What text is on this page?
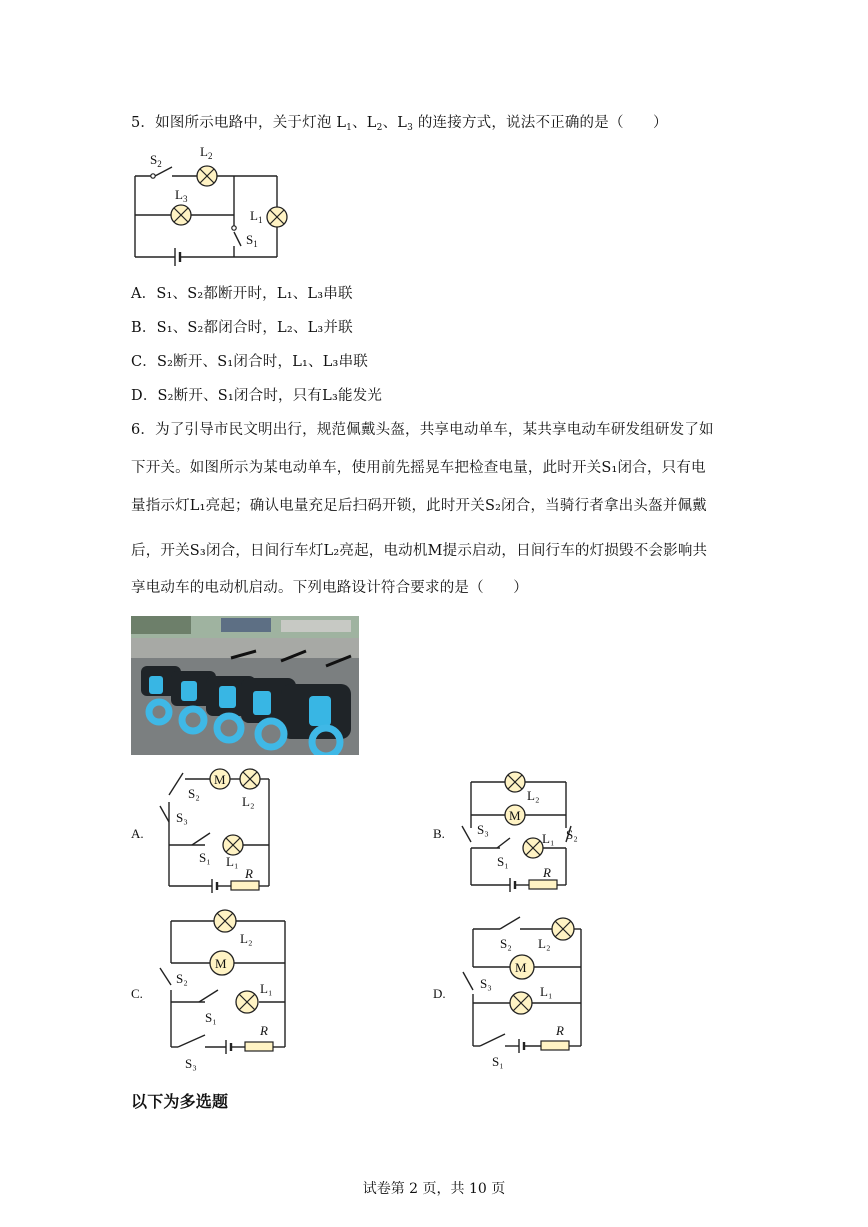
5．如图所示电路中，关于灯泡 $L_1$、$L_2$、$L_3$ 的连接方式，说法不正确的是（　　）
$S_2$
$L_2$
$L_3$
$L_1$
$S_1$
A．S₁、S₂都断开时，L₁、L₃串联
B．S₁、S₂都闭合时，L₂、L₃并联
C．S₂断开、S₁闭合时，L₁、L₃串联
D．S₂断开、S₁闭合时，只有L₃能发光
6．为了引导市民文明出行，规范佩戴头盔，共享电动单车，某共享电动车研发组研发了如
下开关。如图所示为某电动单车，使用前先摇晃车把检查电量，此时开关S₁闭合，只有电
量指示灯L₁亮起；确认电量充足后扫码开锁，此时开关S₂闭合，当骑行者拿出头盔并佩戴
后，开关S₃闭合，日间行车灯L₂亮起，电动机M提示启动，日间行车的灯损毁不会影响共
享电动车的电动机启动。下列电路设计符合要求的是（　　）
A.
M
S₂
L₂
S₃
S₁ L₁
R
B.
M
L₂
S₃
L₁ S₂
S₁
R
C.
M
L₂
S₂
L₁
S₁
R
S₃
D.
M
S₂ L₂
S₃
L₁
R
S₁
以下为多选题
试卷第 2 页，共 10 页
